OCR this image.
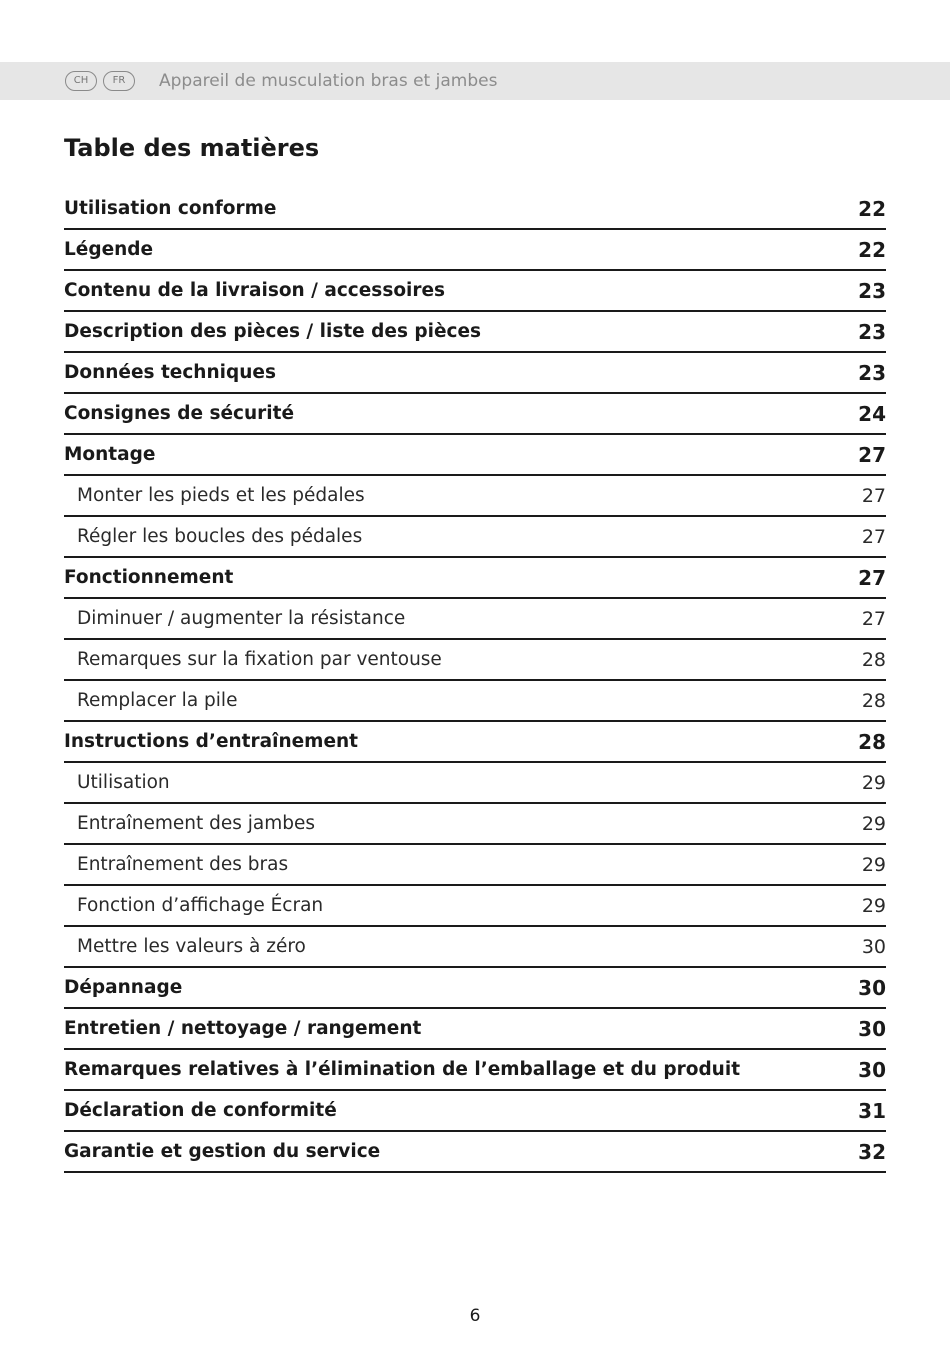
CH	FR	Appareil de musculation bras et jambes
Table des matières
Utilisation conforme	22
Légende	22
Contenu de la livraison / accessoires	23
Description des pièces / liste des pièces	23
Données techniques	23
Consignes de sécurité	24
Montage	27
Monter les pieds et les pédales	27
Régler les boucles des pédales	27
Fonctionnement	27
Diminuer / augmenter la résistance	27
Remarques sur la fixation par ventouse	28
Remplacer la pile	28
Instructions d’entraînement	28
Utilisation	29
Entraînement des jambes	29
Entraînement des bras	29
Fonction d’affichage Écran	29
Mettre les valeurs à zéro	30
Dépannage	30
Entretien / nettoyage / rangement	30
Remarques relatives à l’élimination de l’emballage et du produit	30
Déclaration de conformité	31
Garantie et gestion du service	32
6
